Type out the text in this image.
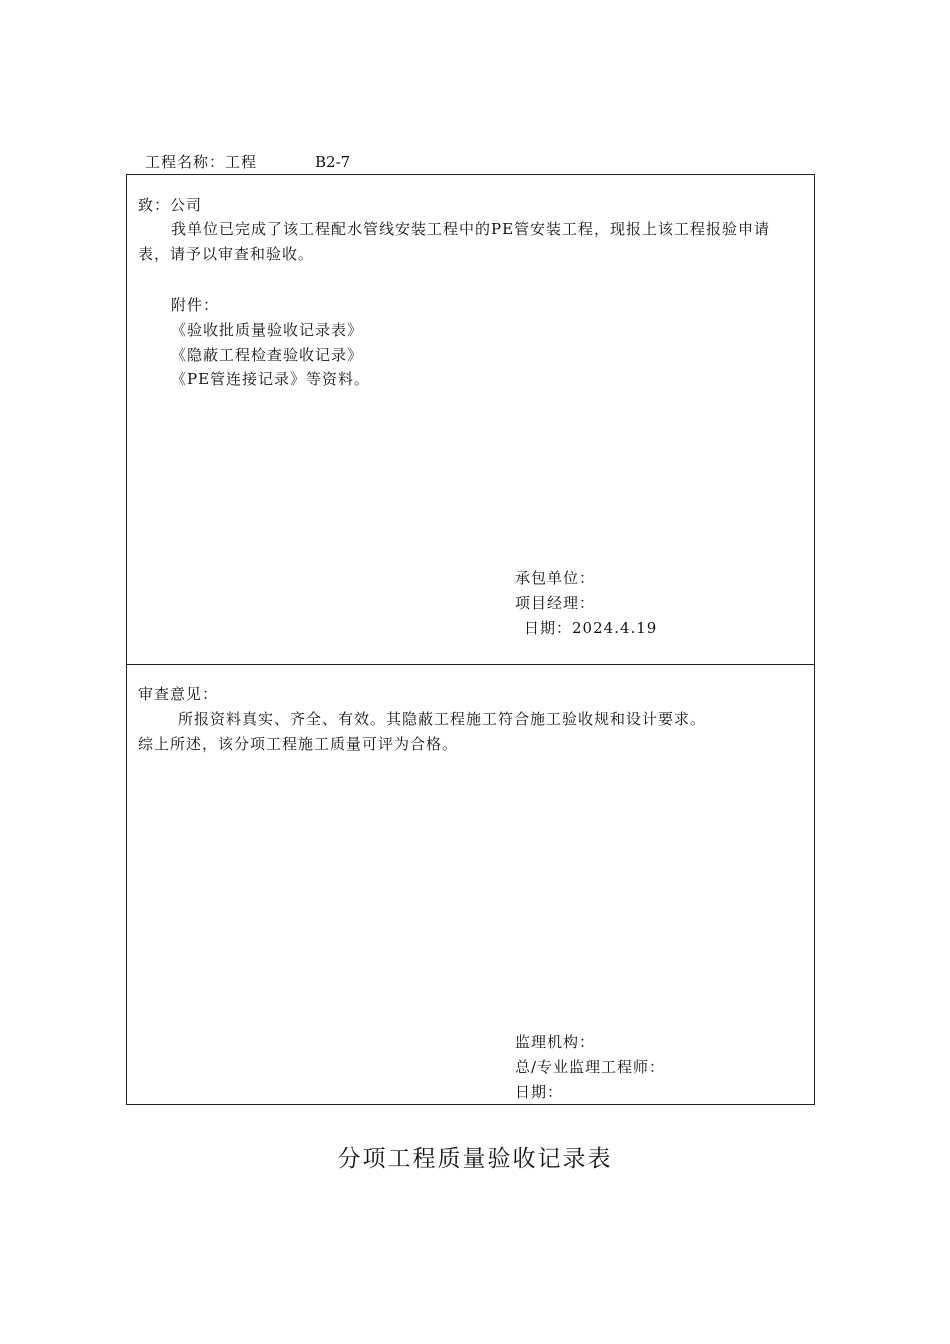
工程名称：工程	B2-7
致：公司
我单位已完成了该工程配水管线安装工程中的PE管安装工程，现报上该工程报验申请
表，请予以审查和验收。
附件：
《验收批质量验收记录表》
《隐蔽工程检查验收记录》
《PE管连接记录》等资料。
承包单位：
项目经理：
日期：2024.4.19
审查意见：
所报资料真实、齐全、有效。其隐蔽工程施工符合施工验收规和设计要求。
综上所述，该分项工程施工质量可评为合格。
监理机构：
总/专业监理工程师：
日期：
分项工程质量验收记录表
